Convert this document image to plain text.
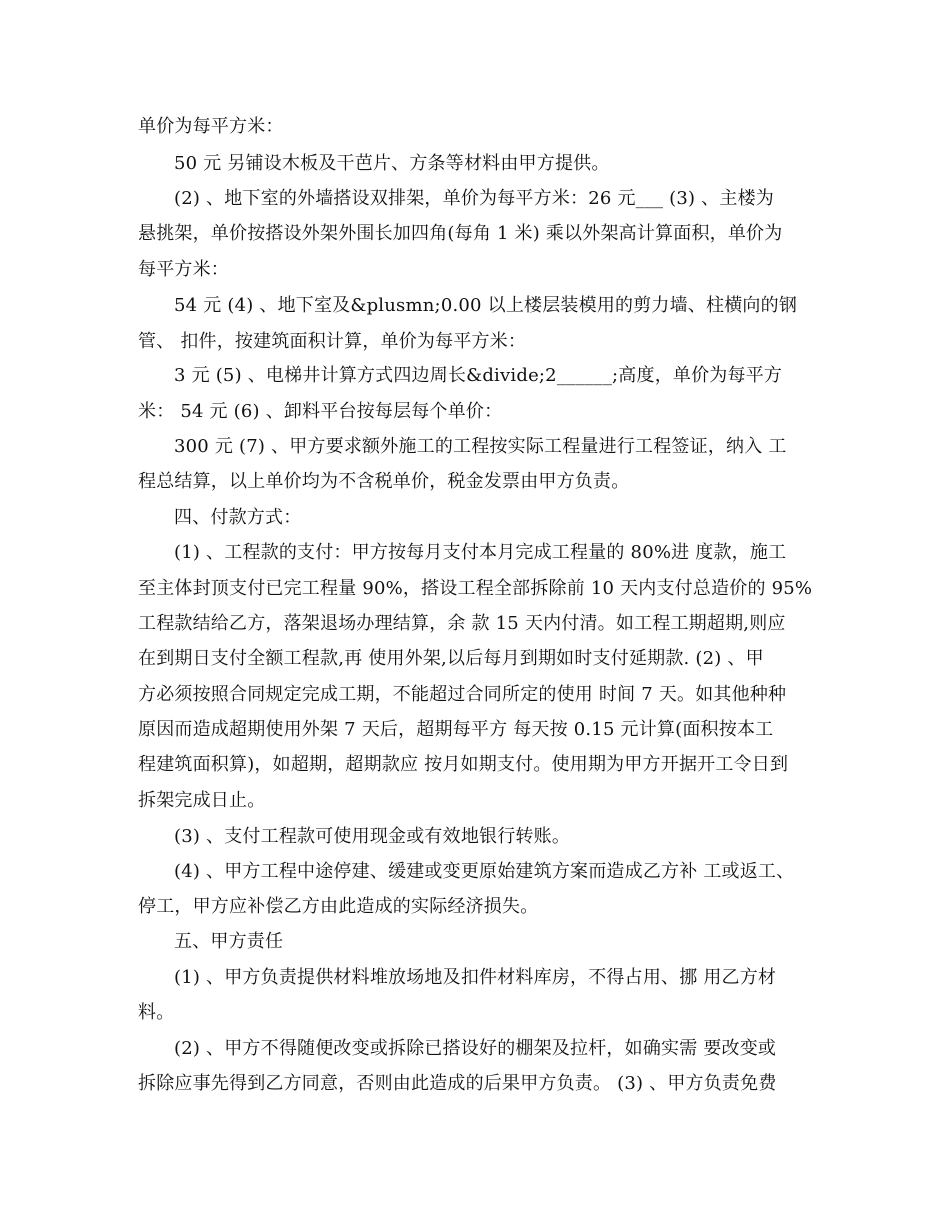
单价为每平方米：
50 元 另铺设木板及干芭片、方条等材料由甲方提供。
(2) 、地下室的外墙搭设双排架，单价为每平方米：26 元___ (3) 、主楼为
悬挑架，单价按搭设外架外围长加四角(每角 1 米) 乘以外架高计算面积，单价为
每平方米：
54 元 (4) 、地下室及&plusmn;0.00 以上楼层装模用的剪力墙、柱横向的钢
管、 扣件，按建筑面积计算，单价为每平方米：
3 元 (5) 、电梯井计算方式四边周长&divide;2______;高度，单价为每平方
米： 54 元 (6) 、卸料平台按每层每个单价：
300 元 (7) 、甲方要求额外施工的工程按实际工程量进行工程签证，纳入 工
程总结算，以上单价均为不含税单价，税金发票由甲方负责。
四、付款方式：
(1) 、工程款的支付：甲方按每月支付本月完成工程量的 80%进 度款，施工
至主体封顶支付已完工程量 90%，搭设工程全部拆除前 10 天内支付总造价的 95%
工程款结给乙方，落架退场办理结算，余 款 15 天内付清。如工程工期超期,则应
在到期日支付全额工程款,再 使用外架,以后每月到期如时支付延期款. (2) 、甲
方必须按照合同规定完成工期，不能超过合同所定的使用 时间 7 天。如其他种种
原因而造成超期使用外架 7 天后，超期每平方 每天按 0.15 元计算(面积按本工
程建筑面积算)，如超期，超期款应 按月如期支付。使用期为甲方开据开工令日到
拆架完成日止。
(3) 、支付工程款可使用现金或有效地银行转账。
(4) 、甲方工程中途停建、缓建或变更原始建筑方案而造成乙方补 工或返工、
停工，甲方应补偿乙方由此造成的实际经济损失。
五、甲方责任
(1) 、甲方负责提供材料堆放场地及扣件材料库房，不得占用、挪 用乙方材
料。
(2) 、甲方不得随便改变或拆除已搭设好的棚架及拉杆，如确实需 要改变或
拆除应事先得到乙方同意，否则由此造成的后果甲方负责。 (3) 、甲方负责免费
